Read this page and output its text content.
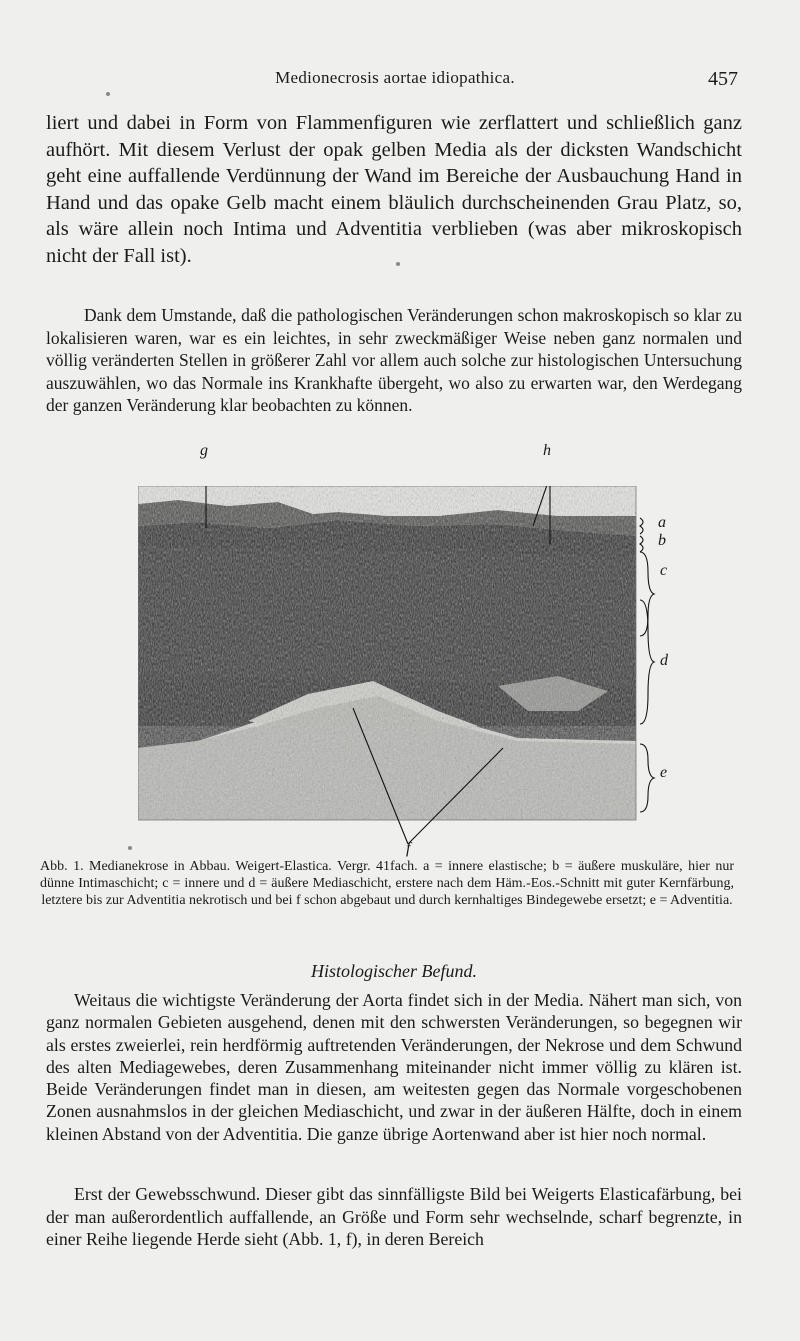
Medionecrosis aortae idiopathica.	457

liert und dabei in Form von Flammenfiguren wie zerflattert und schließlich ganz aufhört. Mit diesem Verlust der opak gelben Media als der dicksten Wandschicht geht eine auffallende Verdünnung der Wand im Bereiche der Ausbauchung Hand in Hand und das opake Gelb macht einem bläulich durchscheinenden Grau Platz, so, als wäre allein noch Intima und Adventitia verblieben (was aber mikroskopisch nicht der Fall ist).

Dank dem Umstande, daß die pathologischen Veränderungen schon makroskopisch so klar zu lokalisieren waren, war es ein leichtes, in sehr zweckmäßiger Weise neben ganz normalen und völlig veränderten Stellen in größerer Zahl vor allem auch solche zur histologischen Untersuchung auszuwählen, wo das Normale ins Krankhafte übergeht, wo also zu erwarten war, den Werdegang der ganzen Veränderung klar beobachten zu können.

g	h
a
b
c
d
e
f
Abb. 1. Medianekrose in Abbau. Weigert-Elastica. Vergr. 41fach. a = innere elastische; b = äußere muskuläre, hier nur dünne Intimaschicht; c = innere und d = äußere Mediaschicht, erstere nach dem Häm.-Eos.-Schnitt mit guter Kernfärbung, letztere bis zur Adventitia nekrotisch und bei f schon abgebaut und durch kernhaltiges Bindegewebe ersetzt; e = Adventitia.
Histologischer Befund.

Weitaus die wichtigste Veränderung der Aorta findet sich in der Media. Nähert man sich, von ganz normalen Gebieten ausgehend, denen mit den schwersten Veränderungen, so begegnen wir als erstes zweierlei, rein herdförmig auftretenden Veränderungen, der Nekrose und dem Schwund des alten Mediagewebes, deren Zusammenhang miteinander nicht immer völlig zu klären ist. Beide Veränderungen findet man in diesen, am weitesten gegen das Normale vorgeschobenen Zonen ausnahmslos in der gleichen Mediaschicht, und zwar in der äußeren Hälfte, doch in einem kleinen Abstand von der Adventitia. Die ganze übrige Aortenwand aber ist hier noch normal.

Erst der Gewebsschwund. Dieser gibt das sinnfälligste Bild bei Weigerts Elasticafärbung, bei der man außerordentlich auffallende, an Größe und Form sehr wechselnde, scharf begrenzte, in einer Reihe liegende Herde sieht (Abb. 1, f), in deren Bereich
